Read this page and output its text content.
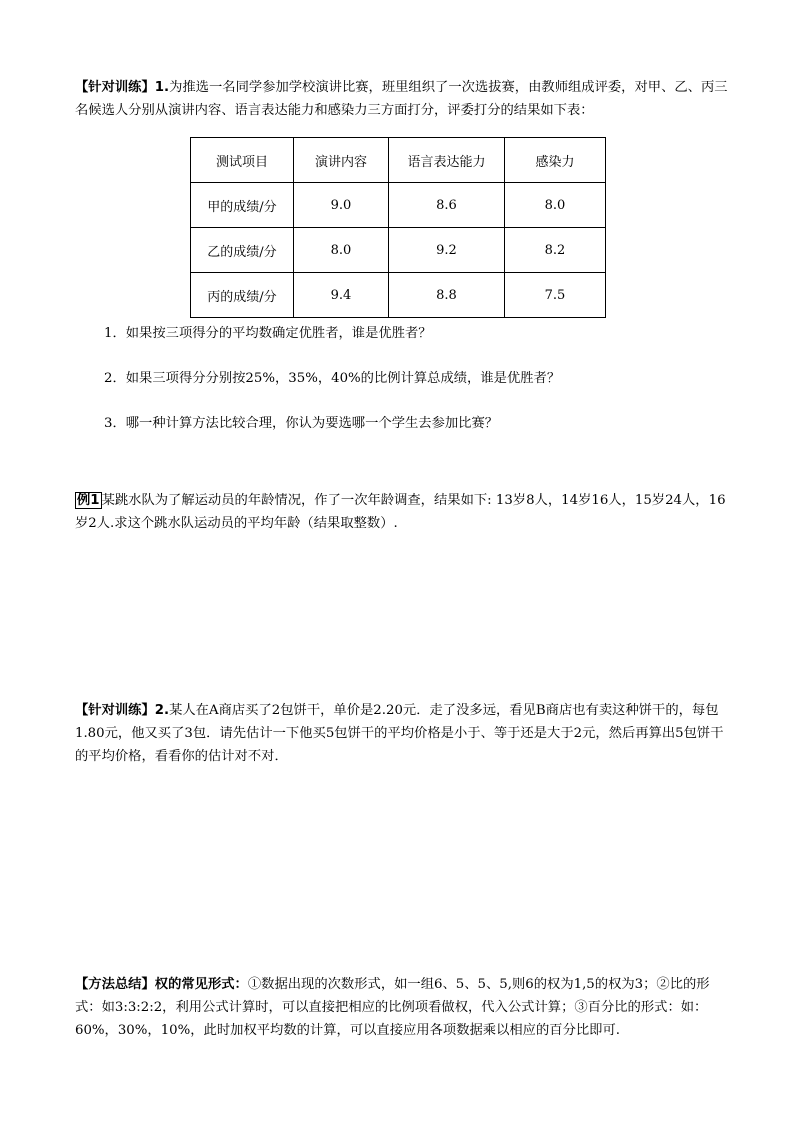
【针对训练】1.为推选一名同学参加学校演讲比赛，班里组织了一次选拔赛，由教师组成评委，对甲、乙、丙三名候选人分别从演讲内容、语言表达能力和感染力三方面打分，评委打分的结果如下表：
测试项目	演讲内容	语言表达能力	感染力
甲的成绩/分	9.0	8.6	8.0
乙的成绩/分	8.0	9.2	8.2
丙的成绩/分	9.4	8.8	7.5
1．如果按三项得分的平均数确定优胜者，谁是优胜者？
2．如果三项得分分别按25%，35%，40%的比例计算总成绩，谁是优胜者？
3．哪一种计算方法比较合理，你认为要选哪一个学生去参加比赛？
例1 某跳水队为了解运动员的年龄情况，作了一次年龄调查，结果如下: 13岁8人，14岁16人，15岁24人，16岁2人.求这个跳水队运动员的平均年龄（结果取整数）.
【针对训练】2.某人在A商店买了2包饼干，单价是2.20元．走了没多远，看见B商店也有卖这种饼干的，每包1.80元，他又买了3包．请先估计一下他买5包饼干的平均价格是小于、等于还是大于2元，然后再算出5包饼干的平均价格，看看你的估计对不对．
【方法总结】权的常见形式：①数据出现的次数形式，如一组6、5、5、5,则6的权为1,5的权为3；②比的形式：如3:3:2:2，利用公式计算时，可以直接把相应的比例项看做权，代入公式计算；③百分比的形式：如：60%，30%，10%，此时加权平均数的计算，可以直接应用各项数据乘以相应的百分比即可.
